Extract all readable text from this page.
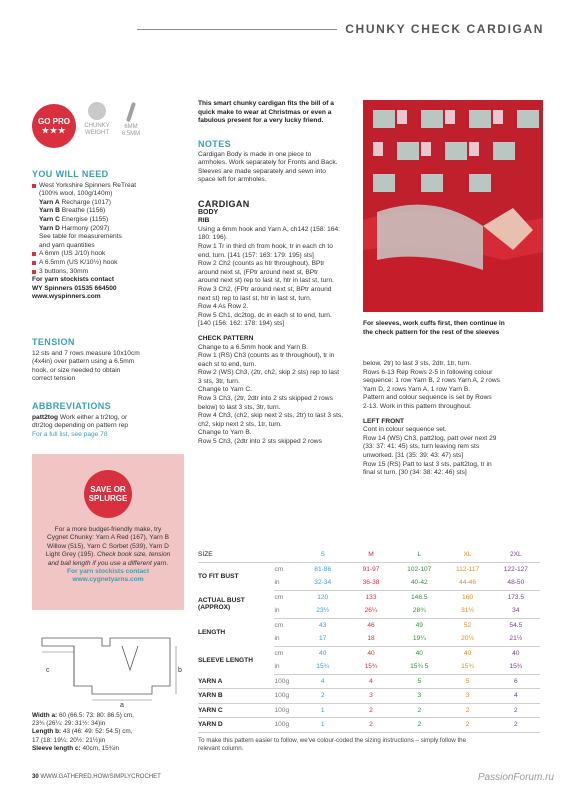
CHUNKY CHECK CARDIGAN
GO PRO
★★★	CHUNKY
WEIGHT
6MM
6.5MM
YOU WILL NEED
West Yorkshire Spinners ReTreat
(100% wool, 100g/140m)
Yarn A Recharge (1017)
Yarn B Breathe (1156)
Yarn C Energise (1155)
Yarn D Harmony (2097)
See table for measurements
and yarn quantities
A 6mm (US J/10) hook
A 6.5mm (US K/10½) hook
3 buttons, 30mm
For yarn stockists contact
WY Spinners 01535 664500
www.wyspinners.com
TENSION
12 sts and 7 rows measure 10x10cm
(4x4in) over pattern using a 6.5mm
hook, or size needed to obtain
correct tension
ABBREVIATIONS
patt2tog Work either a tr2tog, or
dtr2tog depending on pattern rep
For a full list, see page 78
SAVE OR
SPLURGE
For a more budget-friendly make, try
Cygnet Chunky: Yarn A Red (167), Yarn B
Willow (515), Yarn C Sorbet (539), Yarn D
Light Grey (195). Check book size, tension
and ball length if you use a different yarn.
For yarn stockists contact
www.cygnetyarns.com
a
b
c
Width a: 60 (66.5: 73: 80: 86.5) cm,
23¾ (26¼: 29: 31½: 34)in
Length b: 43 (46: 49: 52: 54.5) cm,
17 (18: 19¼: 20½: 21½)in
Sleeve length c: 40cm, 15¾in
This smart chunky cardigan fits the bill of a
quick make to wear at Christmas or even a
fabulous present for a very lucky friend.
NOTES
Cardigan Body is made in one piece to
armholes. Work separately for Fronts and Back.
Sleeves are made separately and sewn into
space left for armholes.
CARDIGAN
BODY
RIB
Using a 6mm hook and Yarn A, ch142 (158: 164:
180: 196).
Row 1 Tr in third ch from hook, tr in each ch to
end, turn. [141 (157: 163: 179: 195) sts]
Row 2 Ch2 (counts as htr throughout), BPtr
around next st, (FPtr around next st, BPtr
around next st) rep to last st, htr in last st, turn.
Row 3 Ch2, (FPtr around next st, BPtr around
next st) rep to last st, htr in last st, turn.
Row 4 As Row 2.
Row 5 Ch1, dc2tog, dc in each st to end, turn.
[140 (156: 162: 178: 194) sts]
CHECK PATTERN
Change to a 6.5mm hook and Yarn B.
Row 1 (RS) Ch3 (counts as tr throughout), tr in
each st to end, turn.
Row 2 (WS) Ch3, (2tr, ch2, skip 2 sts) rep to last
3 sts, 3tr, turn.
Change to Yarn C.
Row 3 Ch3, (2tr, 2dtr into 2 sts skipped 2 rows
below) to last 3 sts, 3tr, turn.
Row 4 Ch3, (ch2, skip next 2 sts, 2tr) to last 3 sts,
ch2, skip next 2 sts, 1tr, turn.
Change to Yarn B.
Row 5 Ch3, (2dtr into 2 sts skipped 2 rows
For sleeves, work cuffs first, then continue in
the check pattern for the rest of the sleeves
below, 2tr) to last 3 sts, 2dtr, 1tr, turn.
Rows 6-13 Rep Rows 2-5 in following colour
sequence: 1 row Yarn B, 2 rows Yarn A, 2 rows
Yarn D, 2 rows Yarn A, 1 row Yarn B.
Pattern and colour sequence is set by Rows
2-13. Work in this pattern throughout.
LEFT FRONT
Cont in colour sequence set.
Row 14 (WS) Ch3, patt2tog, patt over next 29
(33: 37: 41: 45) sts, turn leaving rem sts
unworked. [31 (35: 39: 43: 47) sts]
Row 15 (RS) Patt to last 3 sts, patt2tog, tr in
final st turn. [30 (34: 38: 42: 46) sts]
SIZE		S	M	L	XL	2XL
TO FIT BUST	cm	81-86	91-97	102-107	112-117	122-127
	in	32-34	36-38	40-42	44-46	48-50

ACTUAL BUST
(APPROX)	cm	120	133	146.5	160	173.5
	in	23½	26¼	28¾	31½	34
LENGTH	cm	43	46	49	52	54.5
	in	17	18	19¼	20½	21½
SLEEVE LENGTH	cm	40	40	40	40	40
	in	15¾	15¾	15¾ 5	15¾	15¾
YARN A	100g	4	4	5	5	6
YARN B	100g	2	3	3	3	4
YARN C	100g	1	2	2	2	2
YARN D	100g	1	2	2	2	2
To make this pattern easier to follow, we've colour-coded the sizing instructions – simply follow the
relevant column.
30 WWW.GATHERED.HOW/SIMPLYCROCHET	PassionForum.ru
